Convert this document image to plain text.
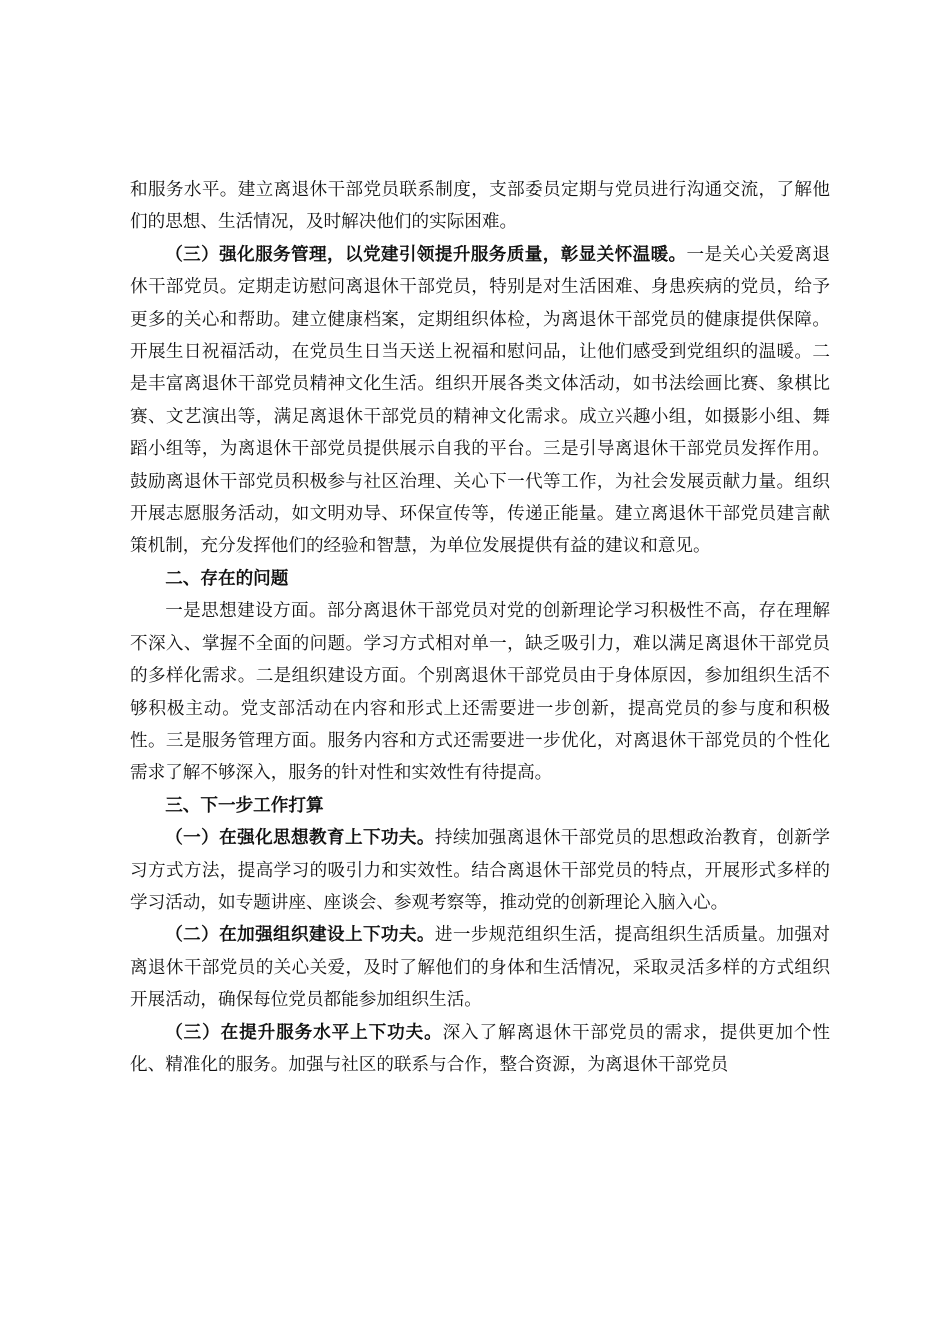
和服务水平。建立离退休干部党员联系制度，支部委员定期与党员进行沟通交流，了解他们的思想、生活情况，及时解决他们的实际困难。

（三）强化服务管理，以党建引领提升服务质量，彰显关怀温暖。一是关心关爱离退休干部党员。定期走访慰问离退休干部党员，特别是对生活困难、身患疾病的党员，给予更多的关心和帮助。建立健康档案，定期组织体检，为离退休干部党员的健康提供保障。开展生日祝福活动，在党员生日当天送上祝福和慰问品，让他们感受到党组织的温暖。二是丰富离退休干部党员精神文化生活。组织开展各类文体活动，如书法绘画比赛、象棋比赛、文艺演出等，满足离退休干部党员的精神文化需求。成立兴趣小组，如摄影小组、舞蹈小组等，为离退休干部党员提供展示自我的平台。三是引导离退休干部党员发挥作用。鼓励离退休干部党员积极参与社区治理、关心下一代等工作，为社会发展贡献力量。组织开展志愿服务活动，如文明劝导、环保宣传等，传递正能量。建立离退休干部党员建言献策机制，充分发挥他们的经验和智慧，为单位发展提供有益的建议和意见。

二、存在的问题

一是思想建设方面。部分离退休干部党员对党的创新理论学习积极性不高，存在理解不深入、掌握不全面的问题。学习方式相对单一，缺乏吸引力，难以满足离退休干部党员的多样化需求。二是组织建设方面。个别离退休干部党员由于身体原因，参加组织生活不够积极主动。党支部活动在内容和形式上还需要进一步创新，提高党员的参与度和积极性。三是服务管理方面。服务内容和方式还需要进一步优化，对离退休干部党员的个性化需求了解不够深入，服务的针对性和实效性有待提高。

三、下一步工作打算

（一）在强化思想教育上下功夫。持续加强离退休干部党员的思想政治教育，创新学习方式方法，提高学习的吸引力和实效性。结合离退休干部党员的特点，开展形式多样的学习活动，如专题讲座、座谈会、参观考察等，推动党的创新理论入脑入心。

（二）在加强组织建设上下功夫。进一步规范组织生活，提高组织生活质量。加强对离退休干部党员的关心关爱，及时了解他们的身体和生活情况，采取灵活多样的方式组织开展活动，确保每位党员都能参加组织生活。

（三）在提升服务水平上下功夫。深入了解离退休干部党员的需求，提供更加个性化、精准化的服务。加强与社区的联系与合作，整合资源，为离退休干部党员
